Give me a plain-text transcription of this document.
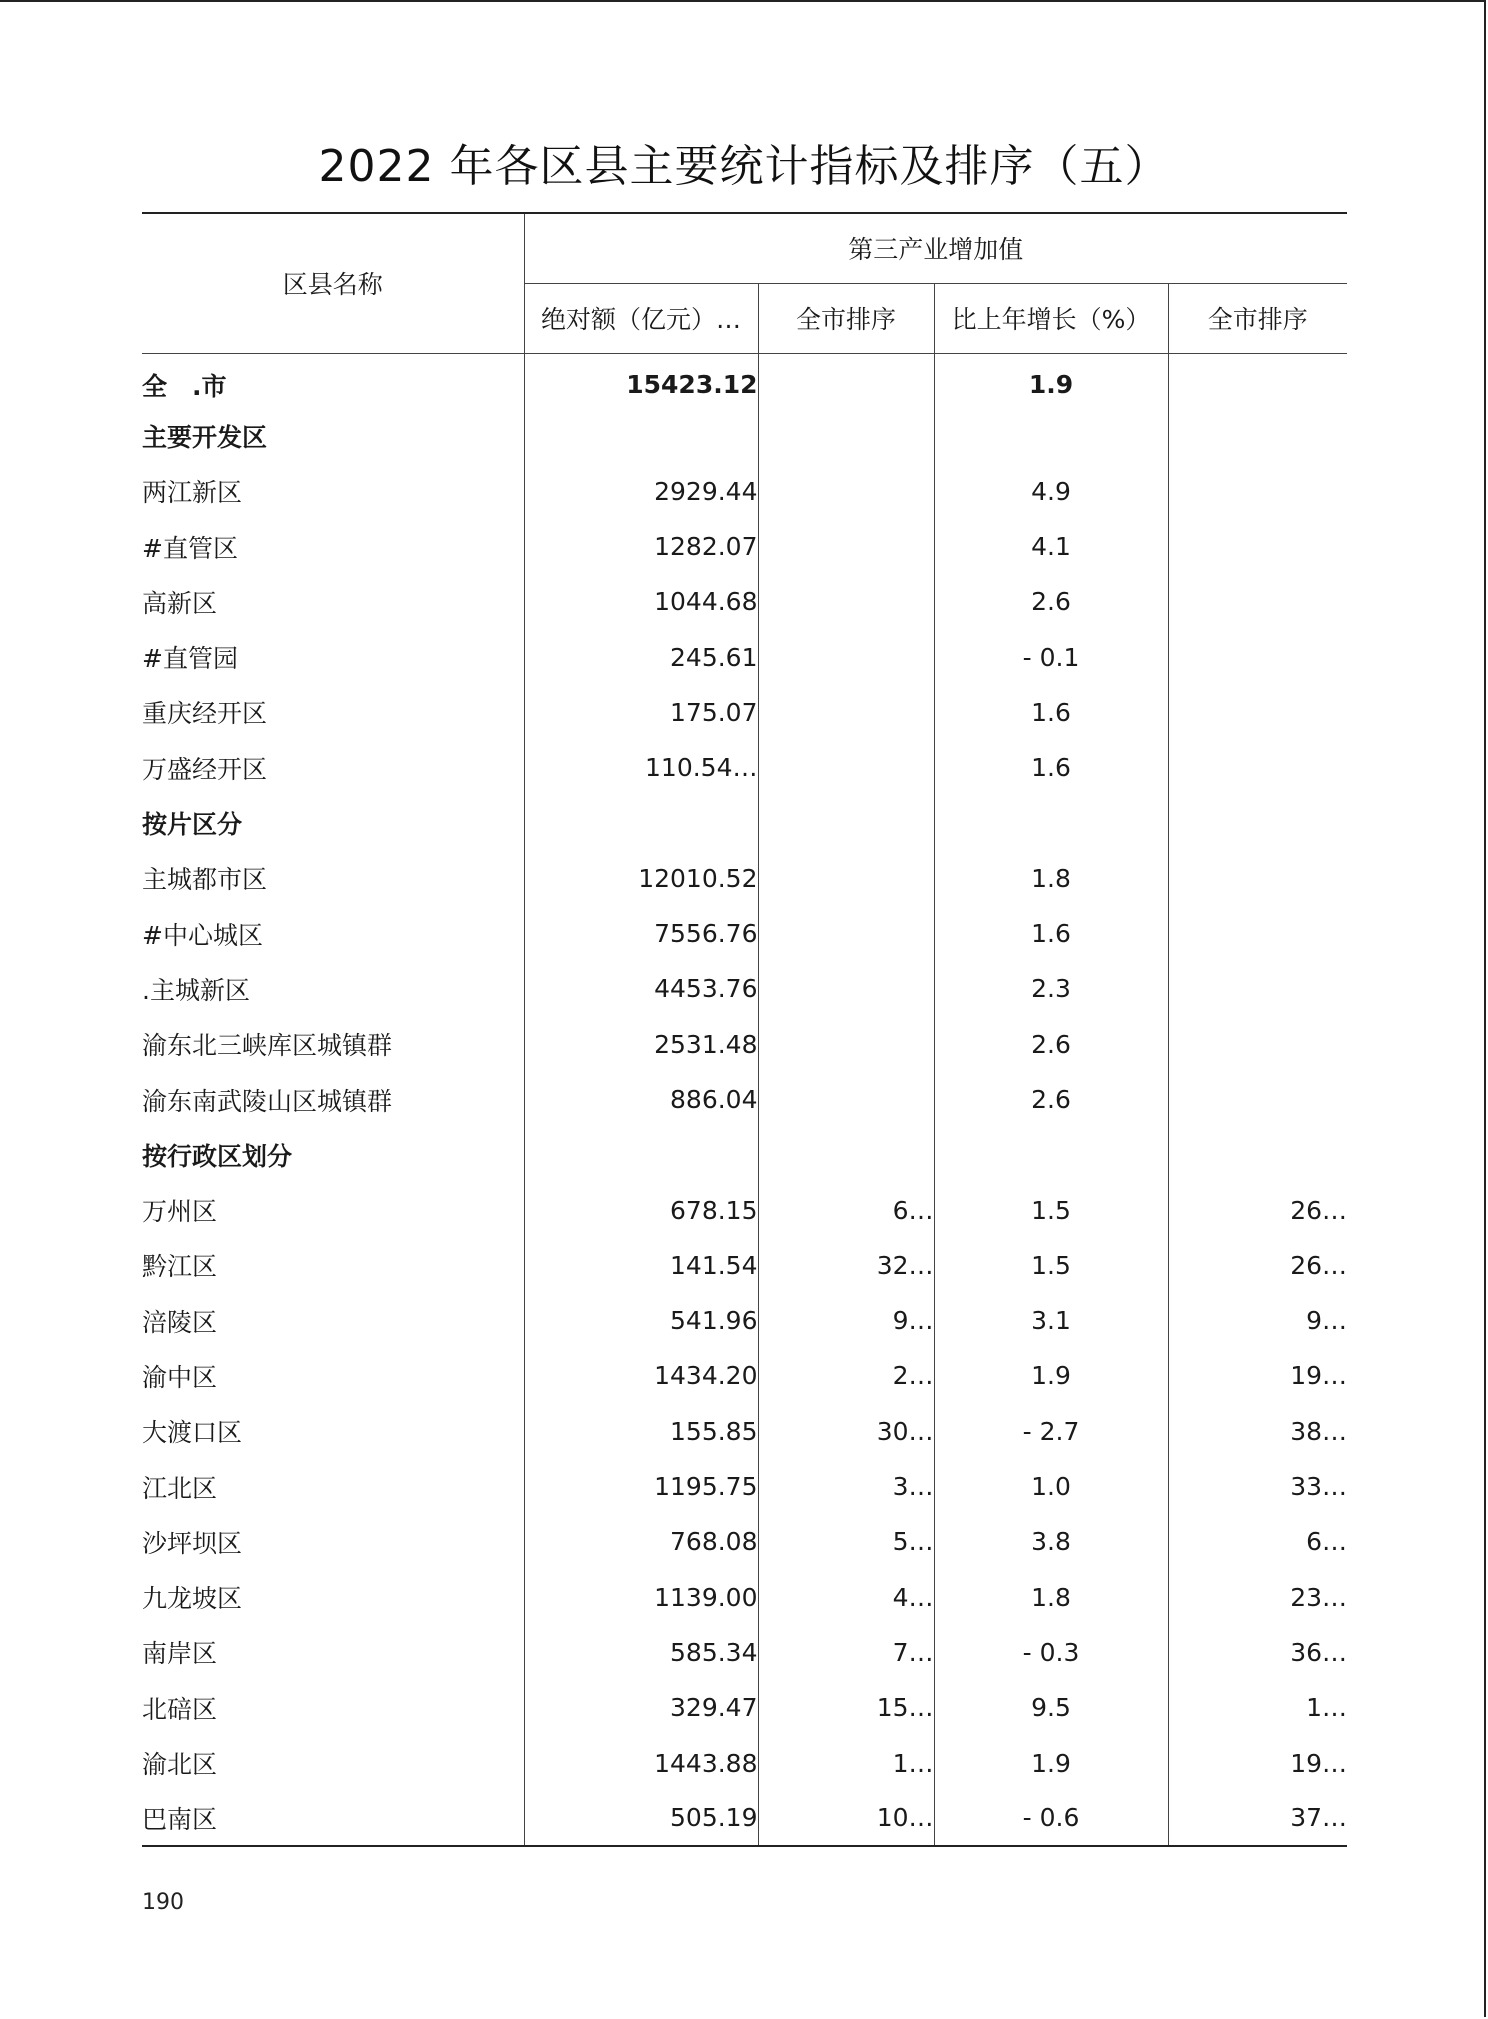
2022 年各区县主要统计指标及排序（五）
区县名称	第三产业增加值			
	绝对额（亿元）…	全市排序	比上年增长（%）	全市排序
全　.市	15423.12		1.9	
主要开发区				
两江新区	2929.44		4.9	
#直管区	1282.07		4.1	
高新区	1044.68		2.6	
#直管园	245.61		- 0.1	
重庆经开区	175.07		1.6	
万盛经开区	110.54…		1.6	
按片区分				
主城都市区	12010.52		1.8	
#中心城区	7556.76		1.6	
.主城新区	4453.76		2.3	
渝东北三峡库区城镇群	2531.48		2.6	
渝东南武陵山区城镇群	886.04		2.6	
按行政区划分				
万州区	678.15	6…	1.5	26…
黔江区	141.54	32…	1.5	26…
涪陵区	541.96	9…	3.1	9…
渝中区	1434.20	2…	1.9	19…
大渡口区	155.85	30…	- 2.7	38…
江北区	1195.75	3…	1.0	33…
沙坪坝区	768.08	5…	3.8	6…
九龙坡区	1139.00	4…	1.8	23…
南岸区	585.34	7…	- 0.3	36…
北碚区	329.47	15…	9.5	1…
渝北区	1443.88	1…	1.9	19…
巴南区	505.19	10…	- 0.6	37…
190
